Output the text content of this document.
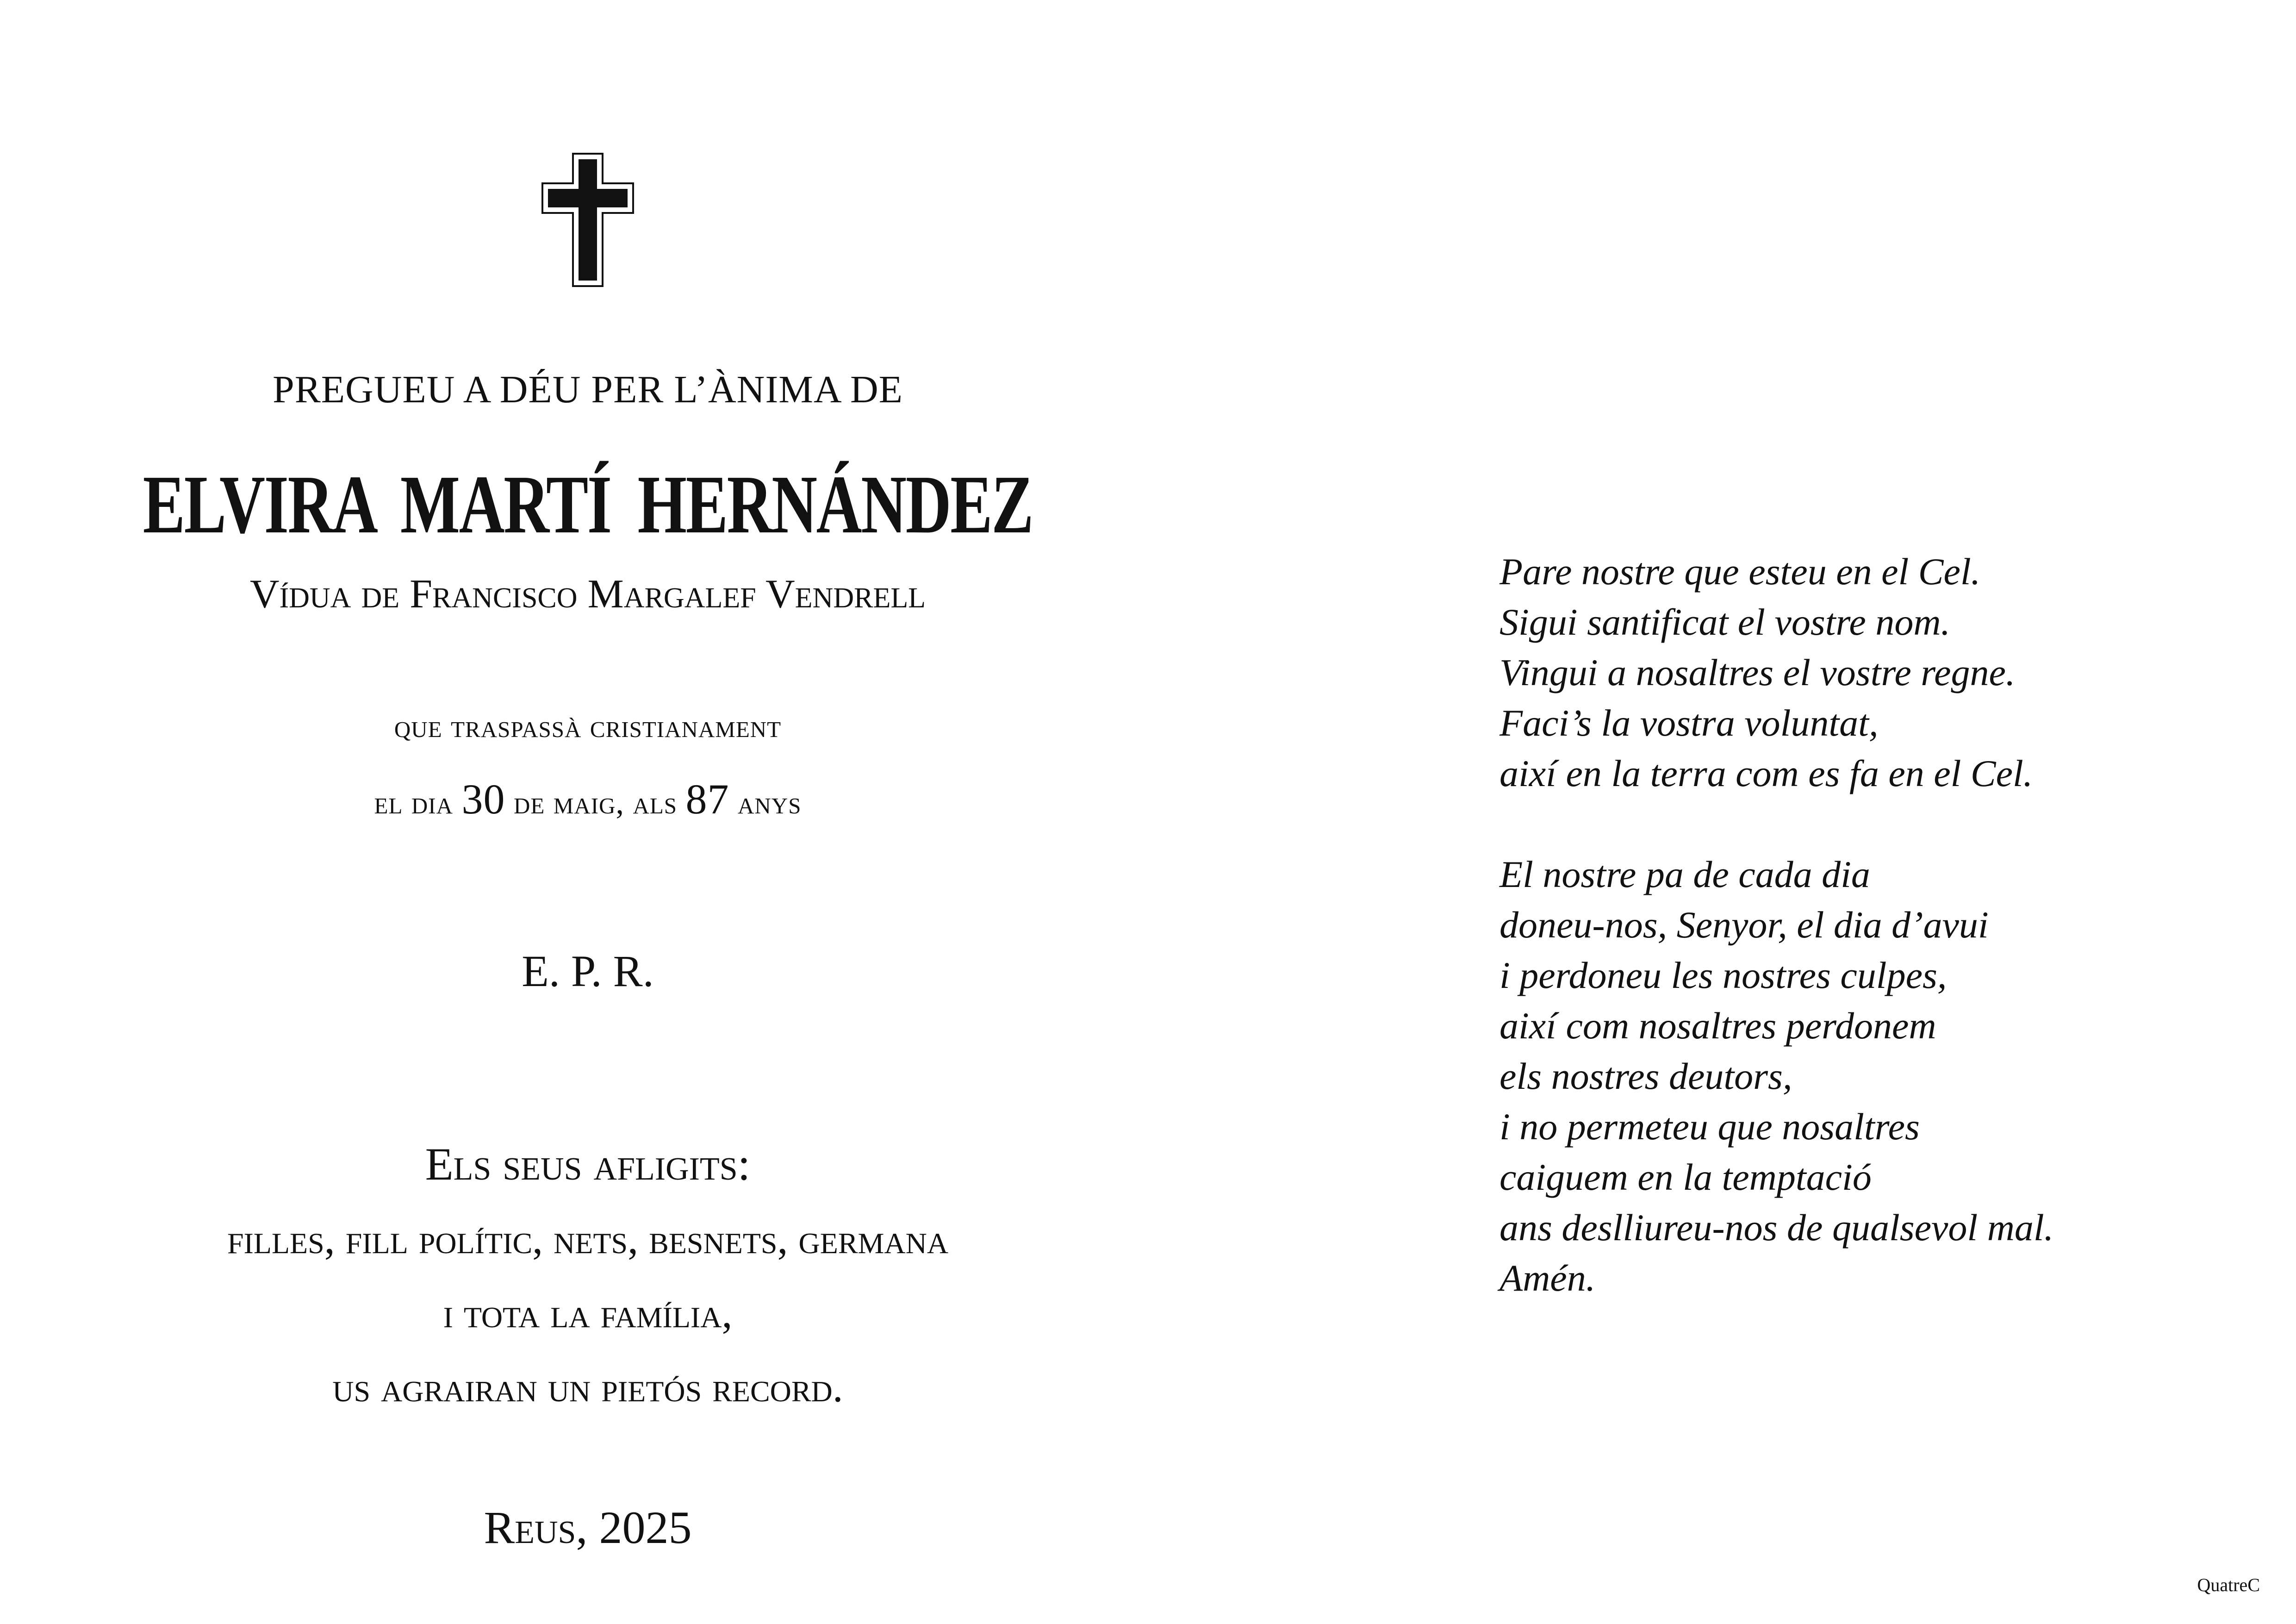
PREGUEU A DÉU PER L’ÀNIMA DE
ELVIRA MARTÍ HERNÁNDEZ
Vídua de Francisco Margalef Vendrell
que traspassà cristianament
el dia 30 de maig, als 87 anys
E. P. R.
Els seus afligits:
filles, fill polític, nets, besnets, germana
i tota la família,
us agrairan un pietós record.
Reus, 2025
Pare nostre que esteu en el Cel.
Sigui santificat el vostre nom.
Vingui a nosaltres el vostre regne.
Faci’s la vostra voluntat,
així en la terra com es fa en el Cel.
El nostre pa de cada dia
doneu-nos, Senyor, el dia d’avui
i perdoneu les nostres culpes,
així com nosaltres perdonem
els nostres deutors,
i no permeteu que nosaltres
caiguem en la temptació
ans deslliureu-nos de qualsevol mal.
Amén.
QuatreC
